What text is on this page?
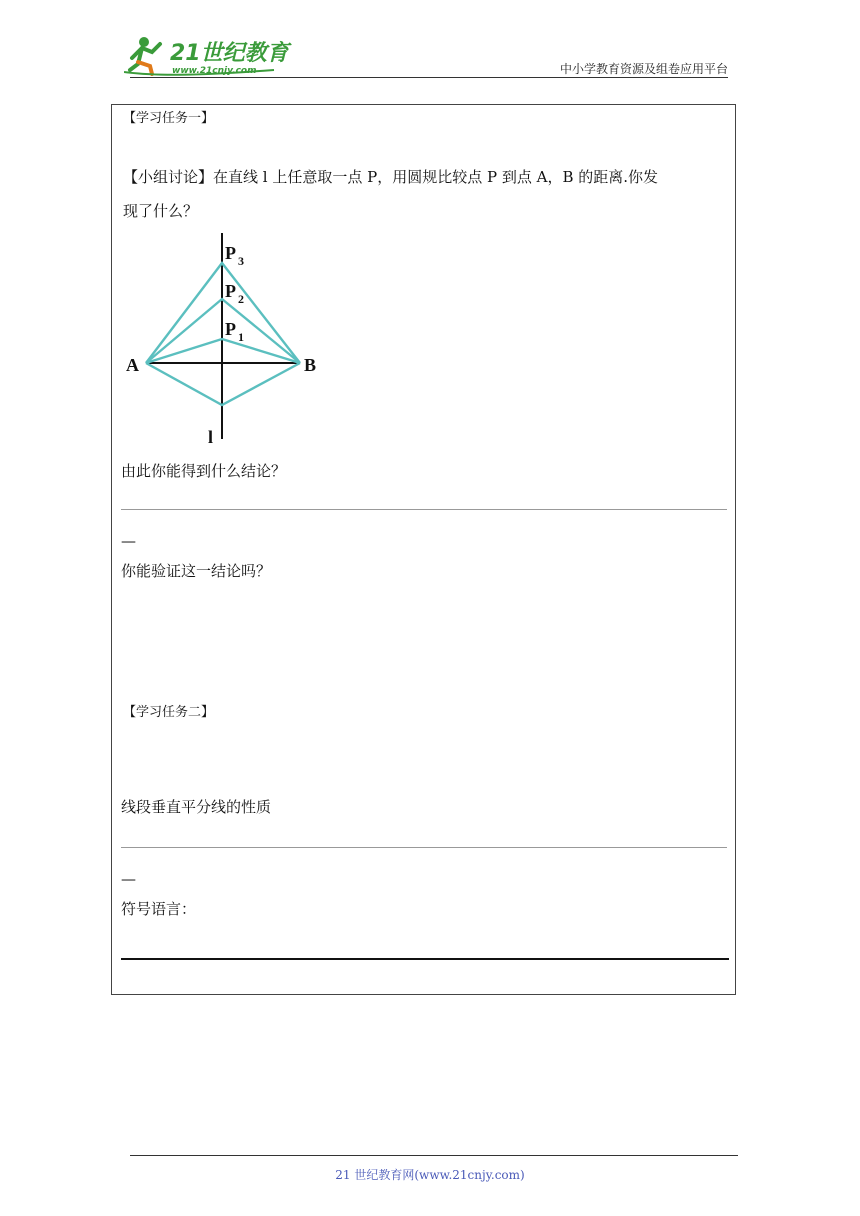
21世纪教育
www.21cnjy.com	中小学教育资源及组卷应用平台
【学习任务一】
【小组讨论】在直线 l 上任意取一点 P，用圆规比较点 P 到点 A，B 的距离.你发
现了什么？
A	B
P 3
P 2
P 1
l
由此你能得到什么结论？
—
你能验证这一结论吗？
【学习任务二】
线段垂直平分线的性质
—
符号语言：
21 世纪教育网(www.21cnjy.com)
